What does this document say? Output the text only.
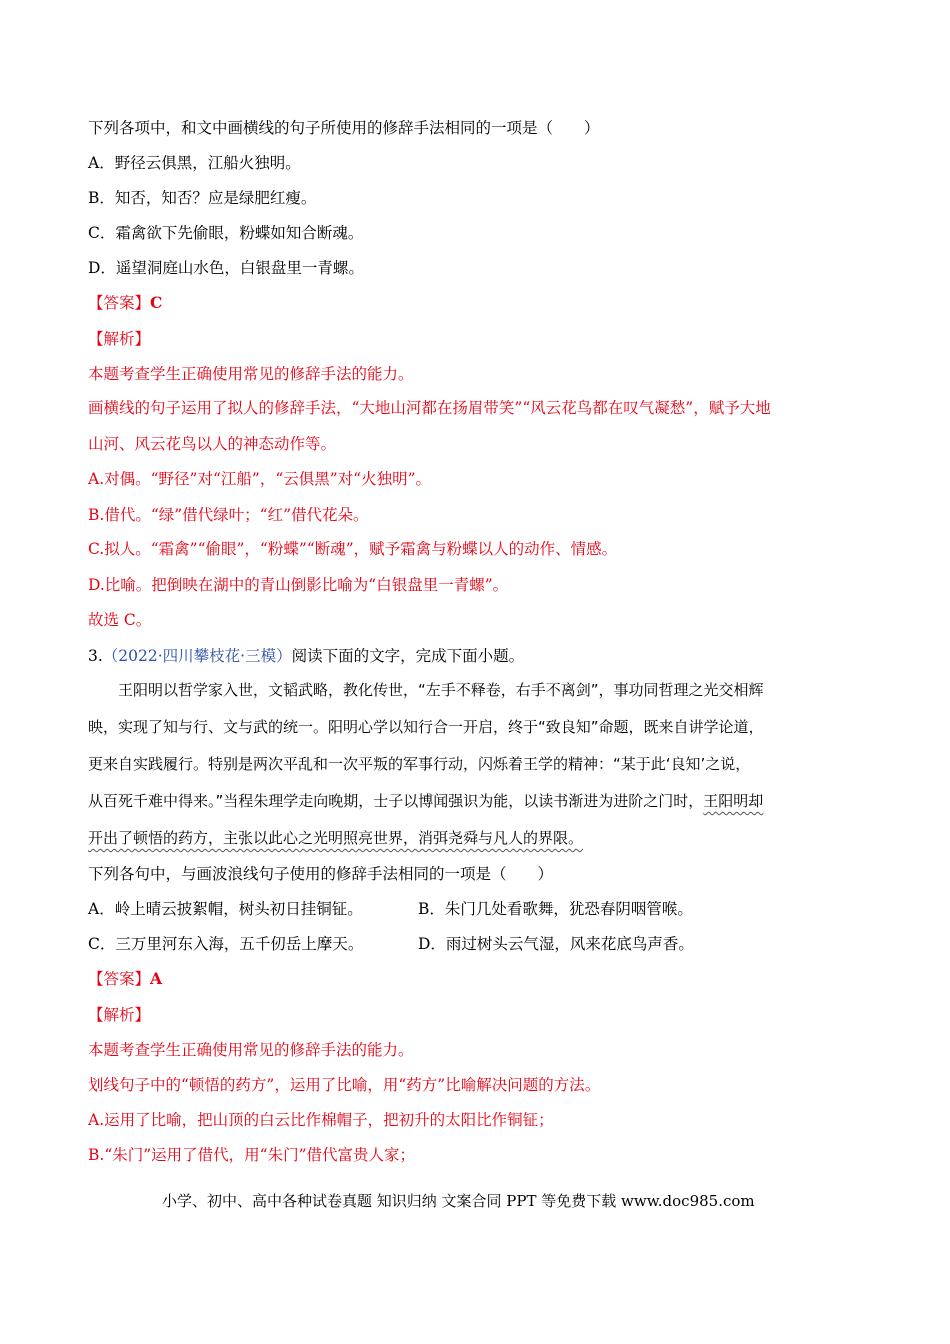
下列各项中，和文中画横线的句子所使用的修辞手法相同的一项是（　　）
A．野径云俱黑，江船火独明。
B．知否，知否？应是绿肥红瘦。
C．霜禽欲下先偷眼，粉蝶如知合断魂。
D．遥望洞庭山水色，白银盘里一青螺。
【答案】C
【解析】
本题考查学生正确使用常见的修辞手法的能力。
画横线的句子运用了拟人的修辞手法，“大地山河都在扬眉带笑”“风云花鸟都在叹气凝愁”，赋予大地
山河、风云花鸟以人的神态动作等。
A.对偶。“野径”对“江船”，“云俱黑”对“火独明”。
B.借代。“绿”借代绿叶；“红”借代花朵。
C.拟人。“霜禽”“偷眼”，“粉蝶”“断魂”，赋予霜禽与粉蝶以人的动作、情感。
D.比喻。把倒映在湖中的青山倒影比喻为“白银盘里一青螺”。
故选 C。
3.（2022·四川攀枝花·三模）阅读下面的文字，完成下面小题。
王阳明以哲学家入世，文韬武略，教化传世，“左手不释卷，右手不离剑”，事功同哲理之光交相辉
映，实现了知与行、文与武的统一。阳明心学以知行合一开启，终于“致良知”命题，既来自讲学论道，
更来自实践履行。特别是两次平乱和一次平叛的军事行动，闪烁着王学的精神：“某于此‘良知’之说，
从百死千难中得来。”当程朱理学走向晚期，士子以博闻强识为能，以读书渐进为进阶之门时，王阳明却
开出了顿悟的药方，主张以此心之光明照亮世界，消弭尧舜与凡人的界限。
下列各句中，与画波浪线句子使用的修辞手法相同的一项是（　　）
A．岭上晴云披絮帽，树头初日挂铜钲。	B．朱门几处看歌舞，犹恐春阴咽管喉。
C．三万里河东入海，五千仞岳上摩天。	D．雨过树头云气湿，风来花底鸟声香。
【答案】A
【解析】
本题考查学生正确使用常见的修辞手法的能力。
划线句子中的“顿悟的药方”，运用了比喻，用“药方”比喻解决问题的方法。
A.运用了比喻，把山顶的白云比作棉帽子，把初升的太阳比作铜钲；
B.“朱门”运用了借代，用“朱门”借代富贵人家；
小学、初中、高中各种试卷真题 知识归纳 文案合同 PPT 等免费下载 www.doc985.com
